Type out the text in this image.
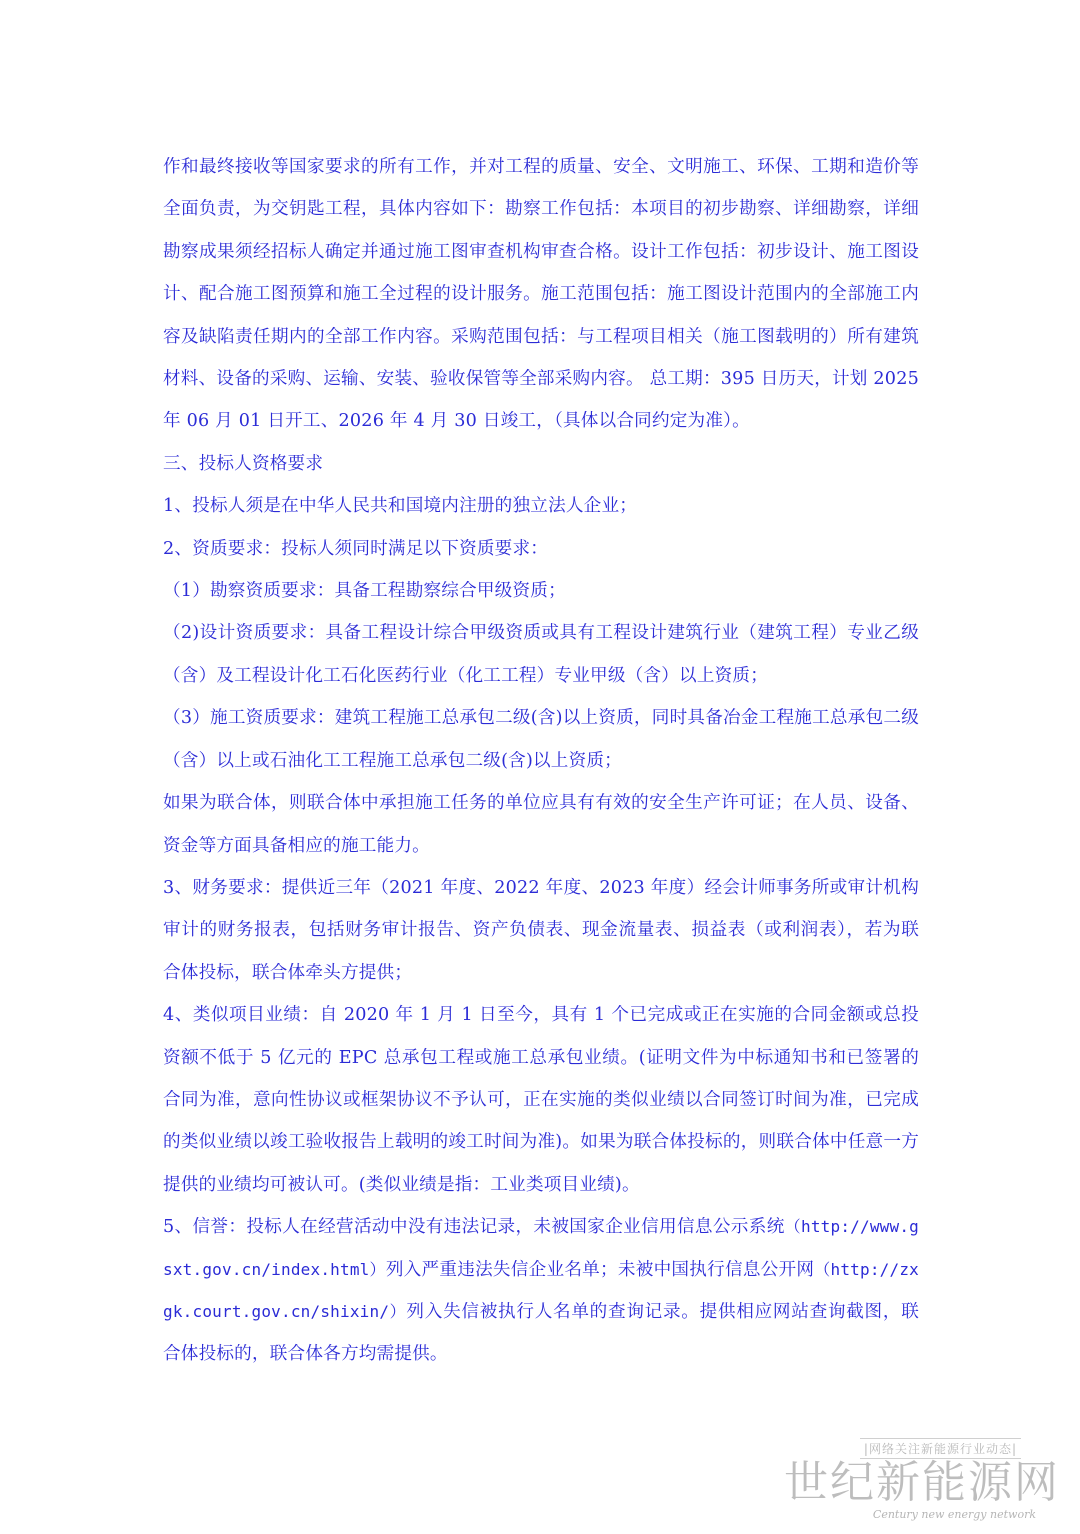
作和最终接收等国家要求的所有工作，并对工程的质量、安全、文明施工、环保、工期和造价等全面负责，为交钥匙工程，具体内容如下：勘察工作包括：本项目的初步勘察、详细勘察，详细勘察成果须经招标人确定并通过施工图审查机构审查合格。设计工作包括：初步设计、施工图设计、配合施工图预算和施工全过程的设计服务。施工范围包括：施工图设计范围内的全部施工内容及缺陷责任期内的全部工作内容。采购范围包括：与工程项目相关（施工图载明的）所有建筑材料、设备的采购、运输、安装、验收保管等全部采购内容。 总工期：395 日历天，计划 2025 年 06 月 01 日开工、2026 年 4 月 30 日竣工，（具体以合同约定为准）。

三、投标人资格要求

1、投标人须是在中华人民共和国境内注册的独立法人企业；

2、资质要求：投标人须同时满足以下资质要求：

（1）勘察资质要求：具备工程勘察综合甲级资质；

（2)设计资质要求：具备工程设计综合甲级资质或具有工程设计建筑行业（建筑工程）专业乙级（含）及工程设计化工石化医药行业（化工工程）专业甲级（含）以上资质；

（3）施工资质要求：建筑工程施工总承包二级(含)以上资质，同时具备冶金工程施工总承包二级（含）以上或石油化工工程施工总承包二级(含)以上资质；

如果为联合体，则联合体中承担施工任务的单位应具有有效的安全生产许可证；在人员、设备、资金等方面具备相应的施工能力。

3、财务要求：提供近三年（2021 年度、2022 年度、2023 年度）经会计师事务所或审计机构审计的财务报表，包括财务审计报告、资产负债表、现金流量表、损益表（或利润表），若为联合体投标，联合体牵头方提供；

4、类似项目业绩：自 2020 年 1 月 1 日至今，具有 1 个已完成或正在实施的合同金额或总投资额不低于 5 亿元的 EPC 总承包工程或施工总承包业绩。(证明文件为中标通知书和已签署的合同为准，意向性协议或框架协议不予认可，正在实施的类似业绩以合同签订时间为准，已完成的类似业绩以竣工验收报告上载明的竣工时间为准)。如果为联合体投标的，则联合体中任意一方提供的业绩均可被认可。(类似业绩是指：工业类项目业绩)。

5、信誉：投标人在经营活动中没有违法记录，未被国家企业信用信息公示系统（http://www.gsxt.gov.cn/index.html）列入严重违法失信企业名单；未被中国执行信息公开网（http://zxgk.court.gov.cn/shixin/）列入失信被执行人名单的查询记录。提供相应网站查询截图，联合体投标的，联合体各方均需提供。

|网络关注新能源行业动态|
世纪新能源网
Century new energy network
